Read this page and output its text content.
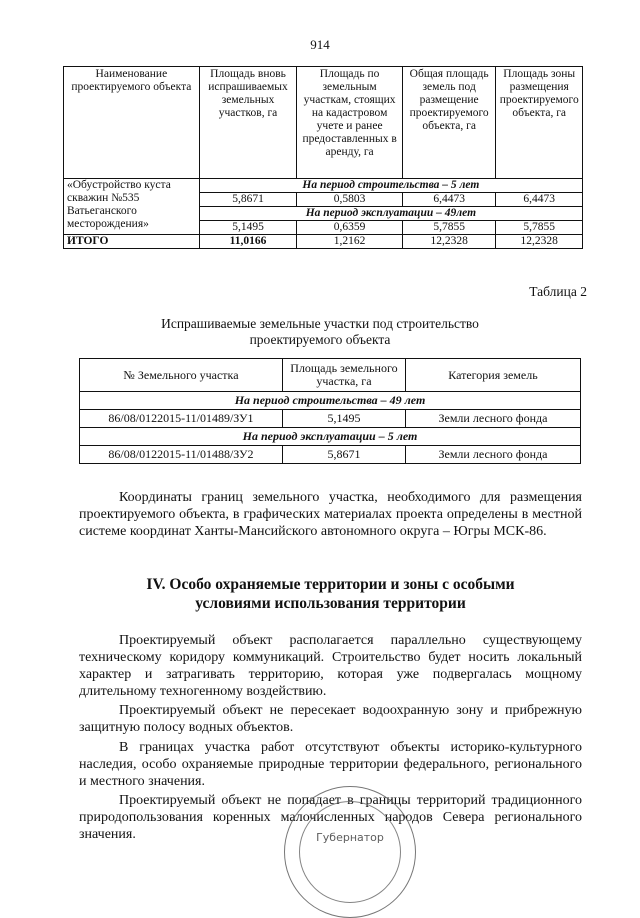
914
Наименование проектируемого объекта	Площадь вновь испрашиваемых земельных участков, га	Площадь по земельным участкам, стоящих на кадастровом учете и ранее предоставленных в аренду, га	Общая площадь земель под размещение проектируемого объекта, га	Площадь зоны размещения проектируемого объекта, га
«Обустройство куста скважин №535 Ватьеганского месторождения»	На период строительства – 5 лет			
	5,8671	0,5803	6,4473	6,4473
	На период эксплуатации – 49лет			
	5,1495	0,6359	5,7855	5,7855
ИТОГО	11,0166	1,2162	12,2328	12,2328
Таблица 2
Испрашиваемые земельные участки под строительство
проектируемого объекта
№ Земельного участка	Площадь земельного участка, га	Категория земель
На период строительства – 49 лет		
86/08/0122015-11/01489/ЗУ1	5,1495	Земли лесного фонда
На период эксплуатации – 5 лет		
86/08/0122015-11/01488/ЗУ2	5,8671	Земли лесного фонда
Координаты границ земельного участка, необходимого для размещения проектируемого объекта, в графических материалах проекта определены в местной системе координат Ханты-Мансийского автономного округа – Югры МСК-86.
IV. Особо охраняемые территории и зоны с особыми
условиями использования территории
Проектируемый объект располагается параллельно существующему техническому коридору коммуникаций. Строительство будет носить локальный характер и затрагивать территорию, которая уже подвергалась мощному длительному техногенному воздействию.
Проектируемый объект не пересекает водоохранную зону и прибрежную защитную полосу водных объектов.
В границах участка работ отсутствуют объекты историко-культурного наследия, особо охраняемые природные территории федерального, регионального и местного значения.
Проектируемый объект не попадает в границы территорий традиционного природопользования коренных малочисленных народов Севера регионального значения.	Губернатор
